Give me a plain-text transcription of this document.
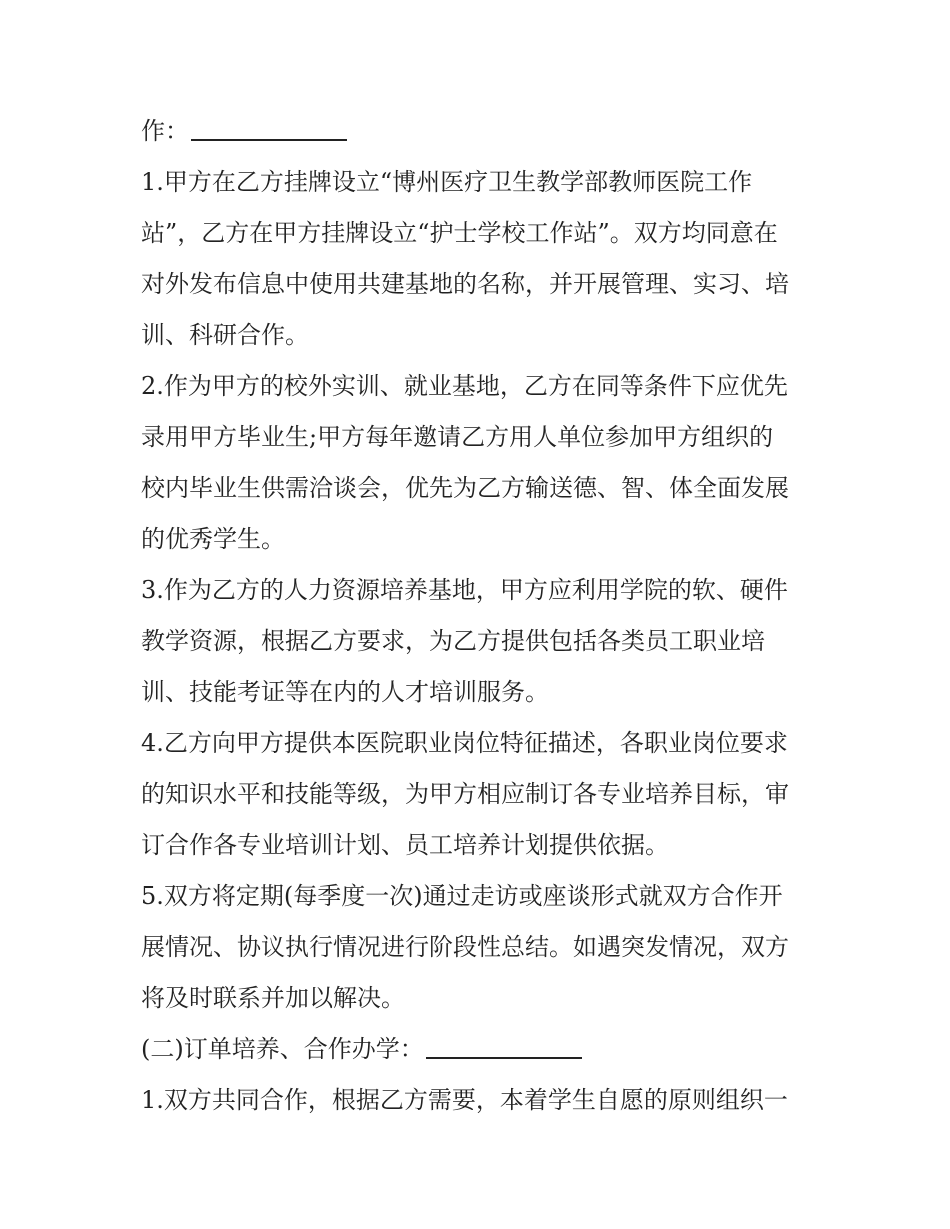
作：
1.甲方在乙方挂牌设立“博州医疗卫生教学部教师医院工作
站”，乙方在甲方挂牌设立“护士学校工作站”。双方均同意在
对外发布信息中使用共建基地的名称，并开展管理、实习、培
训、科研合作。
2.作为甲方的校外实训、就业基地，乙方在同等条件下应优先
录用甲方毕业生;甲方每年邀请乙方用人单位参加甲方组织的
校内毕业生供需洽谈会，优先为乙方输送德、智、体全面发展
的优秀学生。
3.作为乙方的人力资源培养基地，甲方应利用学院的软、硬件
教学资源，根据乙方要求，为乙方提供包括各类员工职业培
训、技能考证等在内的人才培训服务。
4.乙方向甲方提供本医院职业岗位特征描述，各职业岗位要求
的知识水平和技能等级，为甲方相应制订各专业培养目标，审
订合作各专业培训计划、员工培养计划提供依据。
5.双方将定期(每季度一次)通过走访或座谈形式就双方合作开
展情况、协议执行情况进行阶段性总结。如遇突发情况，双方
将及时联系并加以解决。
(二)订单培养、合作办学：
1.双方共同合作，根据乙方需要，本着学生自愿的原则组织一
